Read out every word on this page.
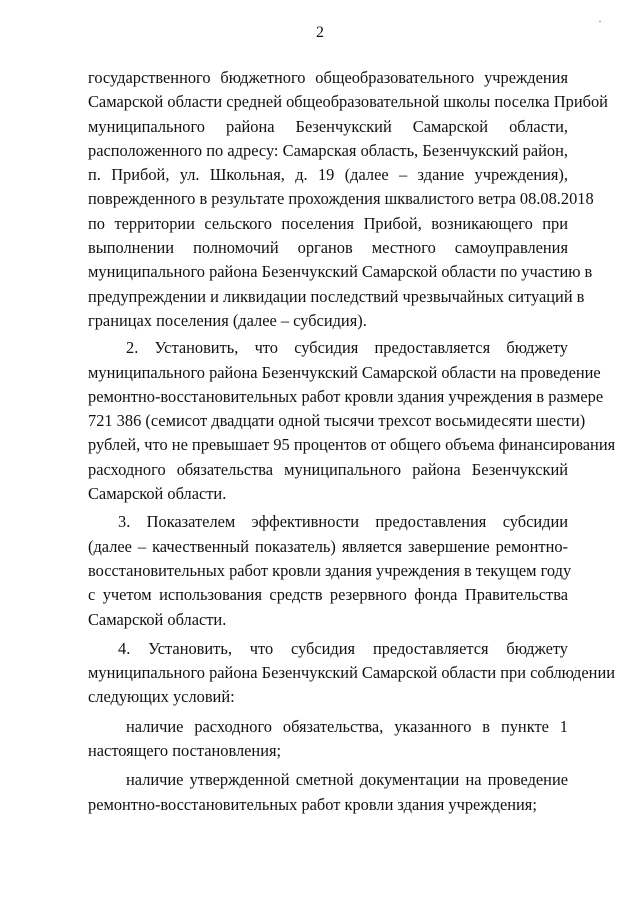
2
·
государственного бюджетного общеобразовательного учреждения
Самарской области средней общеобразовательной школы поселка Прибой
муниципального района Безенчукский Самарской области,
расположенного по адресу: Самарская область, Безенчукский район,
п. Прибой, ул. Школьная, д. 19 (далее – здание учреждения),
поврежденного в результате прохождения шквалистого ветра 08.08.2018
по территории сельского поселения Прибой, возникающего при
выполнении полномочий органов местного самоуправления
муниципального района Безенчукский Самарской области по участию в
предупреждении и ликвидации последствий чрезвычайных ситуаций в
границах поселения (далее – субсидия).
2. Установить, что субсидия предоставляется бюджету
муниципального района Безенчукский Самарской области на проведение
ремонтно-восстановительных работ кровли здания учреждения в размере
721 386 (семисот двадцати одной тысячи трехсот восьмидесяти шести)
рублей, что не превышает 95 процентов от общего объема финансирования
расходного обязательства муниципального района Безенчукский
Самарской области.
3. Показателем эффективности предоставления субсидии
(далее – качественный показатель) является завершение ремонтно-
восстановительных работ кровли здания учреждения в текущем году
с учетом использования средств резервного фонда Правительства
Самарской области.
4. Установить, что субсидия предоставляется бюджету
муниципального района Безенчукский Самарской области при соблюдении
следующих условий:
наличие расходного обязательства, указанного в пункте 1
настоящего постановления;
наличие утвержденной сметной документации на проведение
ремонтно-восстановительных работ кровли здания учреждения;
